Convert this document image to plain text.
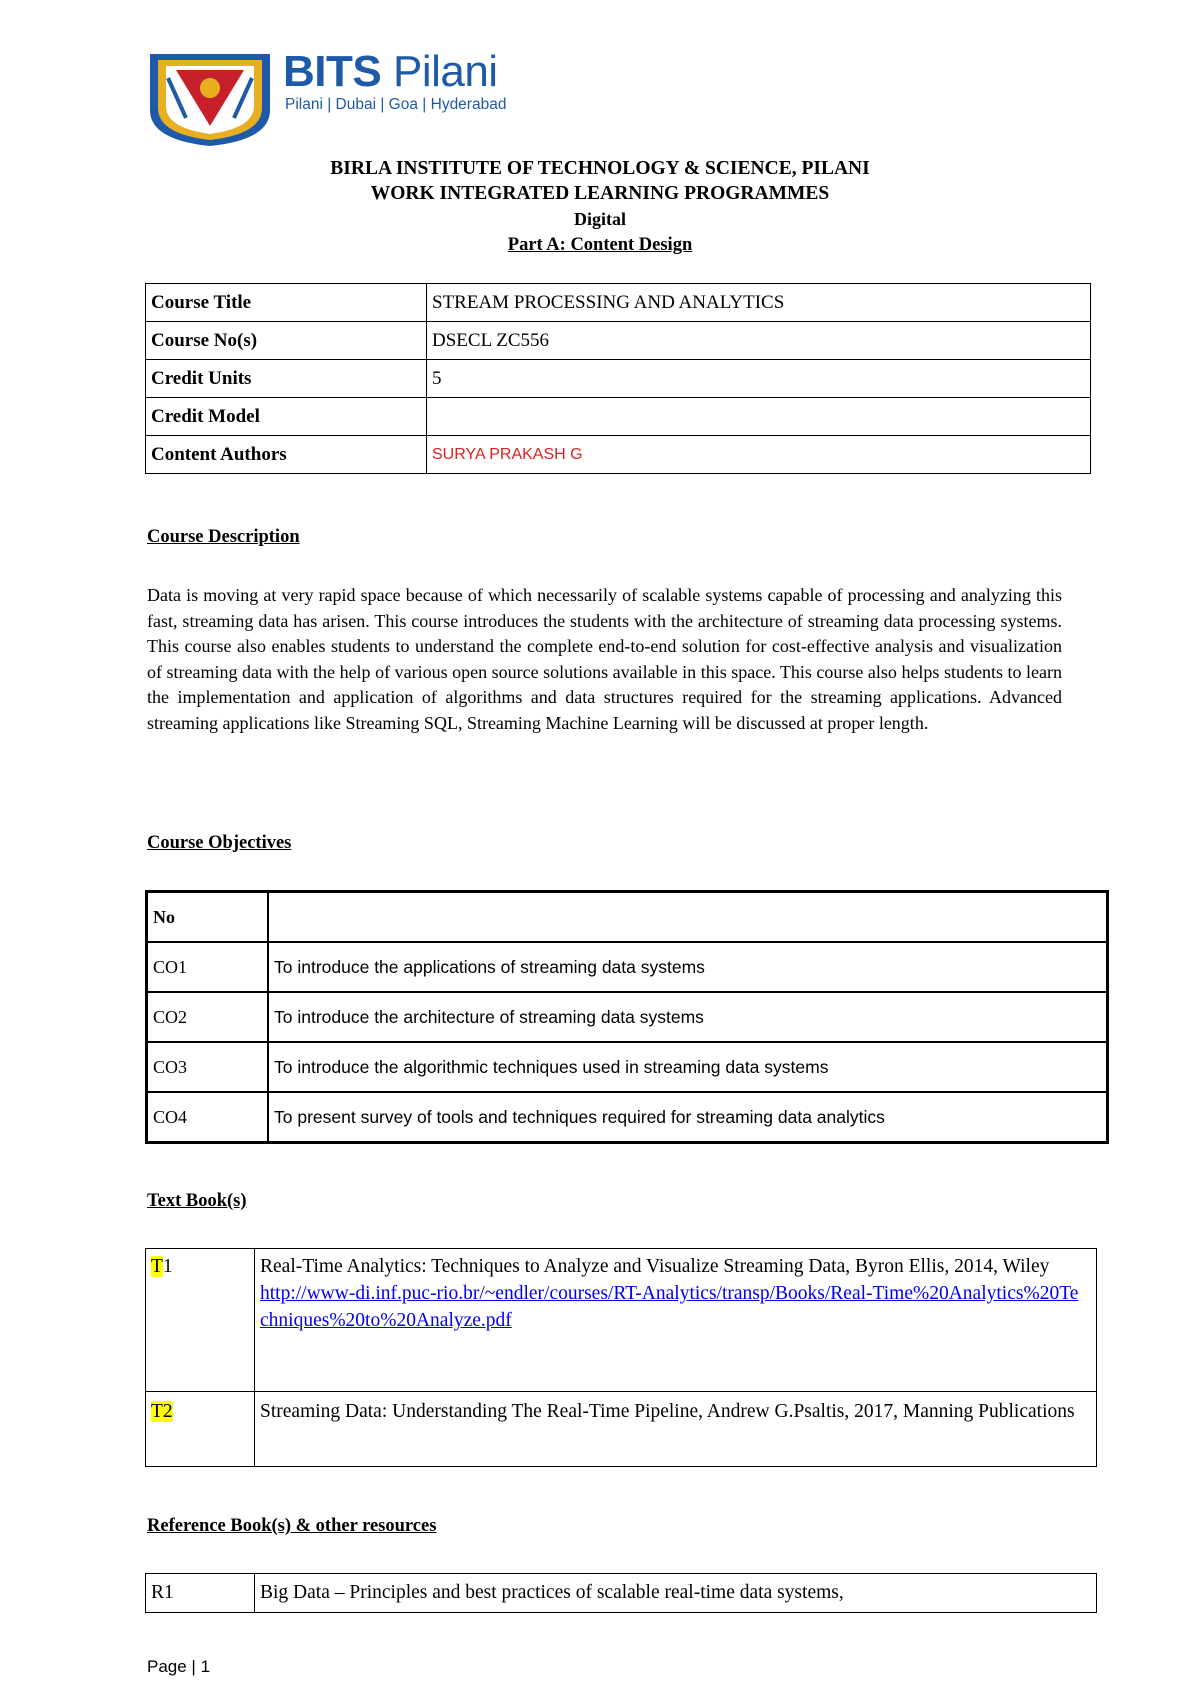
BITS Pilani
Pilani | Dubai | Goa | Hyderabad
BIRLA INSTITUTE OF TECHNOLOGY & SCIENCE, PILANI
WORK INTEGRATED LEARNING PROGRAMMES
Digital
Part A: Content Design
Course Title	STREAM PROCESSING AND ANALYTICS
Course No(s)	DSECL ZC556
Credit Units	5
Credit Model	
Content Authors	SURYA PRAKASH G
Course Description
Data is moving at very rapid space because of which necessarily of scalable systems capable of processing and analyzing this fast, streaming data has arisen. This course introduces the students with the architecture of streaming data processing systems. This course also enables students to understand the complete end-to-end solution for cost-effective analysis and visualization of streaming data with the help of various open source solutions available in this space. This course also helps students to learn the implementation and application of algorithms and data structures required for the streaming applications. Advanced streaming applications like Streaming SQL, Streaming Machine Learning will be discussed at proper length.
Course Objectives
No	
CO1	To introduce the applications of streaming data systems
CO2	To introduce the architecture of streaming data systems
CO3	To introduce the algorithmic techniques used in streaming data systems
CO4	To present survey of tools and techniques required for streaming data analytics
Text Book(s)
T1	Real-Time Analytics: Techniques to Analyze and Visualize Streaming Data, Byron Ellis, 2014, Wiley
http://www-di.inf.puc-rio.br/~endler/courses/RT-Analytics/transp/Books/Real-Time%20Analytics%20Techniques%20to%20Analyze.pdf

T2	Streaming Data: Understanding The Real-Time Pipeline, Andrew G.Psaltis, 2017, Manning Publications
Reference Book(s) & other resources
R1	Big Data – Principles and best practices of scalable real-time data systems,
Page | 1
